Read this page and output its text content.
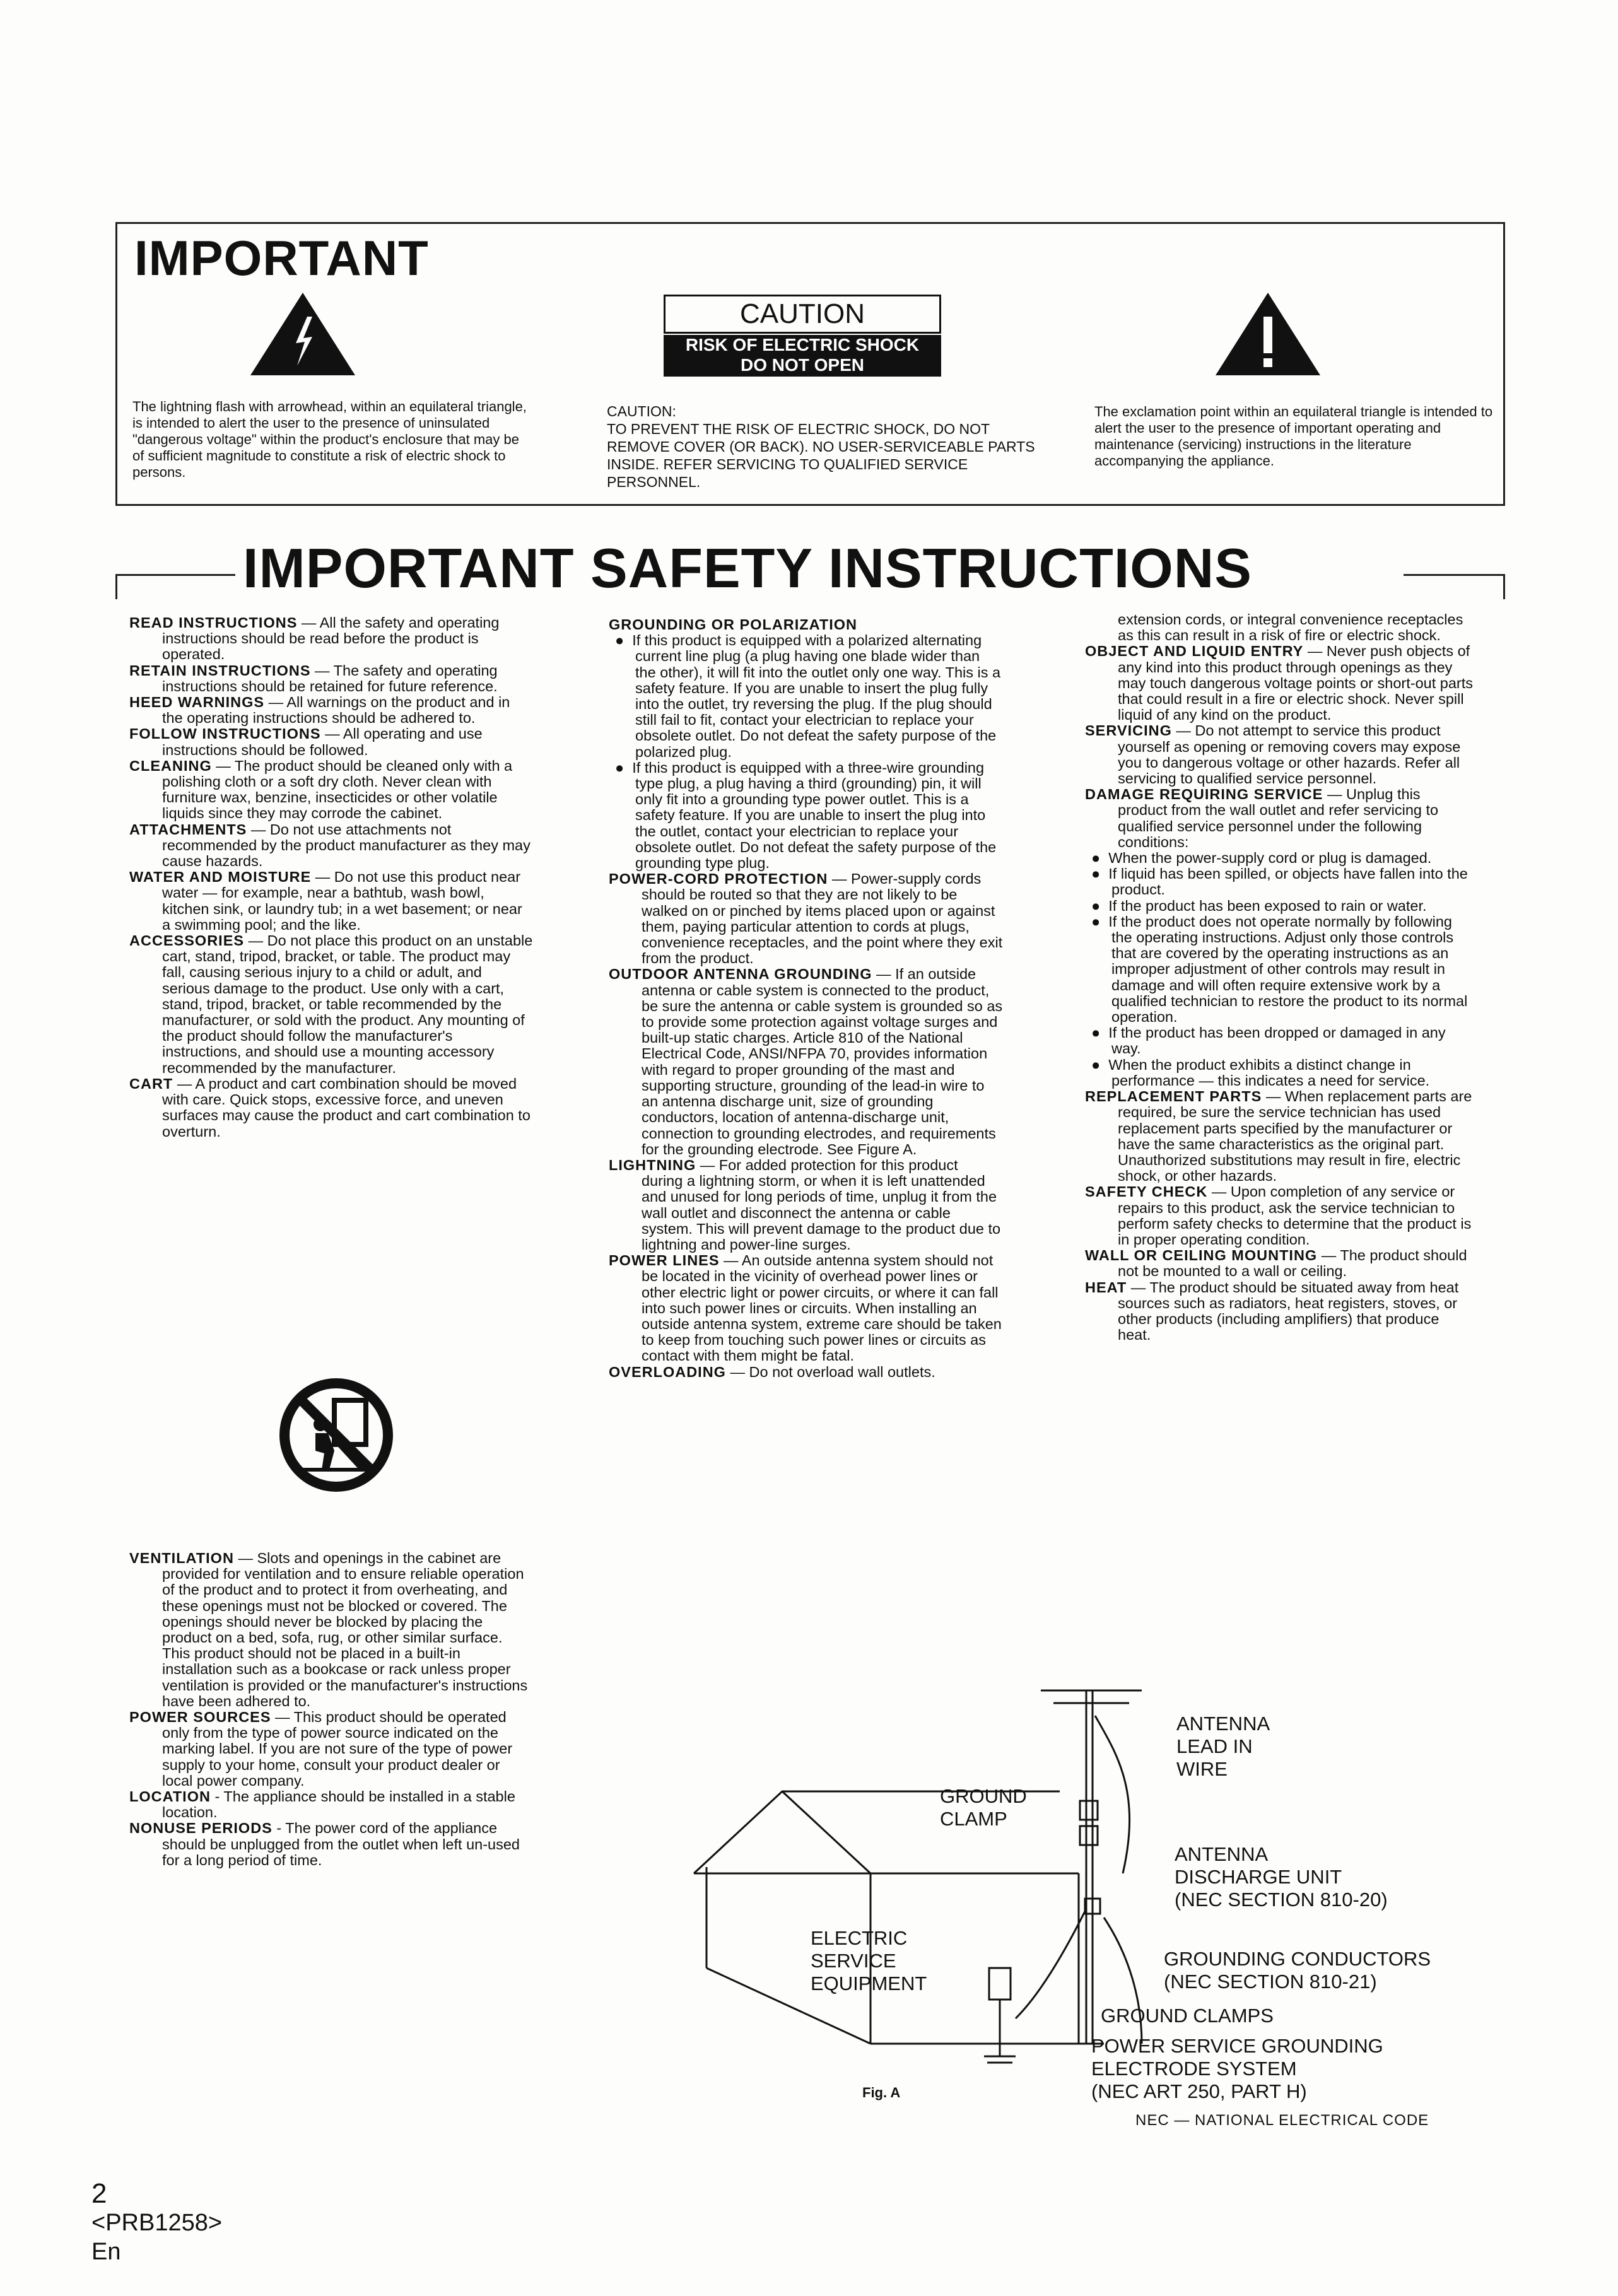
IMPORTANT
The lightning flash with arrowhead, within an equilateral triangle, is intended to alert the user to the presence of uninsulated "dangerous voltage" within the product's enclosure that may be of sufficient magnitude to constitute a risk of electric shock to persons.
CAUTION
RISK OF ELECTRIC SHOCK
DO NOT OPEN
CAUTION:
TO PREVENT THE RISK OF ELECTRIC SHOCK, DO NOT REMOVE COVER (OR BACK). NO USER-SERVICEABLE PARTS INSIDE. REFER SERVICING TO QUALIFIED SERVICE PERSONNEL.
The exclamation point within an equilateral triangle is intended to alert the user to the presence of important operating and maintenance (servicing) instructions in the literature accompanying the appliance.
IMPORTANT SAFETY INSTRUCTIONS

READ INSTRUCTIONS — All the safety and operating instructions should be read before the product is operated.

RETAIN INSTRUCTIONS — The safety and operating instructions should be retained for future reference.

HEED WARNINGS — All warnings on the product and in the operating instructions should be adhered to.

FOLLOW INSTRUCTIONS — All operating and use instructions should be followed.

CLEANING — The product should be cleaned only with a polishing cloth or a soft dry cloth. Never clean with furniture wax, benzine, insecticides or other volatile liquids since they may corrode the cabinet.

ATTACHMENTS — Do not use attachments not recommended by the product manufacturer as they may cause hazards.

WATER AND MOISTURE — Do not use this product near water — for example, near a bathtub, wash bowl, kitchen sink, or laundry tub; in a wet basement; or near a swimming pool; and the like.

ACCESSORIES — Do not place this product on an unstable cart, stand, tripod, bracket, or table. The product may fall, causing serious injury to a child or adult, and serious damage to the product. Use only with a cart, stand, tripod, bracket, or table recommended by the manufacturer, or sold with the product. Any mounting of the product should follow the manufacturer's instructions, and should use a mounting accessory recommended by the manufacturer.

CART — A product and cart combination should be moved with care. Quick stops, excessive force, and uneven surfaces may cause the product and cart combination to overturn.

VENTILATION — Slots and openings in the cabinet are provided for ventilation and to ensure reliable operation of the product and to protect it from overheating, and these openings must not be blocked or covered. The openings should never be blocked by placing the product on a bed, sofa, rug, or other similar surface. This product should not be placed in a built-in installation such as a bookcase or rack unless proper ventilation is provided or the manufacturer's instructions have been adhered to.

POWER SOURCES — This product should be operated only from the type of power source indicated on the marking label. If you are not sure of the type of power supply to your home, consult your product dealer or local power company.

LOCATION - The appliance should be installed in a stable location.

NONUSE PERIODS - The power cord of the appliance should be unplugged from the outlet when left un-used for a long period of time.

GROUNDING OR POLARIZATION

●  If this product is equipped with a polarized alternating current line plug (a plug having one blade wider than the other), it will fit into the outlet only one way. This is a safety feature. If you are unable to insert the plug fully into the outlet, try reversing the plug. If the plug should still fail to fit, contact your electrician to replace your obsolete outlet. Do not defeat the safety purpose of the polarized plug.

●  If this product is equipped with a three-wire grounding type plug, a plug having a third (grounding) pin, it will only fit into a grounding type power outlet. This is a safety feature. If you are unable to insert the plug into the outlet, contact your electrician to replace your obsolete outlet. Do not defeat the safety purpose of the grounding type plug.

POWER-CORD PROTECTION — Power-supply cords should be routed so that they are not likely to be walked on or pinched by items placed upon or against them, paying particular attention to cords at plugs, convenience receptacles, and the point where they exit from the product.

OUTDOOR ANTENNA GROUNDING — If an outside antenna or cable system is connected to the product, be sure the antenna or cable system is grounded so as to provide some protection against voltage surges and built-up static charges. Article 810 of the National Electrical Code, ANSI/NFPA 70, provides information with regard to proper grounding of the mast and supporting structure, grounding of the lead-in wire to an antenna discharge unit, size of grounding conductors, location of antenna-discharge unit, connection to grounding electrodes, and requirements for the grounding electrode. See Figure A.

LIGHTNING — For added protection for this product during a lightning storm, or when it is left unattended and unused for long periods of time, unplug it from the wall outlet and disconnect the antenna or cable system. This will prevent damage to the product due to lightning and power-line surges.

POWER LINES — An outside antenna system should not be located in the vicinity of overhead power lines or other electric light or power circuits, or where it can fall into such power lines or circuits. When installing an outside antenna system, extreme care should be taken to keep from touching such power lines or circuits as contact with them might be fatal.

OVERLOADING — Do not overload wall outlets.

extension cords, or integral convenience receptacles as this can result in a risk of fire or electric shock.

OBJECT AND LIQUID ENTRY — Never push objects of any kind into this product through openings as they may touch dangerous voltage points or short-out parts that could result in a fire or electric shock. Never spill liquid of any kind on the product.

SERVICING — Do not attempt to service this product yourself as opening or removing covers may expose you to dangerous voltage or other hazards. Refer all servicing to qualified service personnel.

DAMAGE REQUIRING SERVICE — Unplug this product from the wall outlet and refer servicing to qualified service personnel under the following conditions:

●  When the power-supply cord or plug is damaged.

●  If liquid has been spilled, or objects have fallen into the product.

●  If the product has been exposed to rain or water.

●  If the product does not operate normally by following the operating instructions. Adjust only those controls that are covered by the operating instructions as an improper adjustment of other controls may result in damage and will often require extensive work by a qualified technician to restore the product to its normal operation.

●  If the product has been dropped or damaged in any way.

●  When the product exhibits a distinct change in performance — this indicates a need for service.

REPLACEMENT PARTS — When replacement parts are required, be sure the service technician has used replacement parts specified by the manufacturer or have the same characteristics as the original part. Unauthorized substitutions may result in fire, electric shock, or other hazards.

SAFETY CHECK — Upon completion of any service or repairs to this product, ask the service technician to perform safety checks to determine that the product is in proper operating condition.

WALL OR CEILING MOUNTING — The product should not be mounted to a wall or ceiling.

HEAT — The product should be situated away from heat sources such as radiators, heat registers, stoves, or other products (including amplifiers) that produce heat.

ANTENNA
LEAD IN
WIRE
GROUND
CLAMP
ANTENNA
DISCHARGE UNIT
(NEC SECTION 810-20)
ELECTRIC
SERVICE
EQUIPMENT
GROUNDING CONDUCTORS
(NEC SECTION 810-21)
GROUND CLAMPS
POWER SERVICE GROUNDING
ELECTRODE SYSTEM
(NEC ART 250, PART H)
Fig. A
NEC — NATIONAL ELECTRICAL CODE
2
<PRB1258>
En
